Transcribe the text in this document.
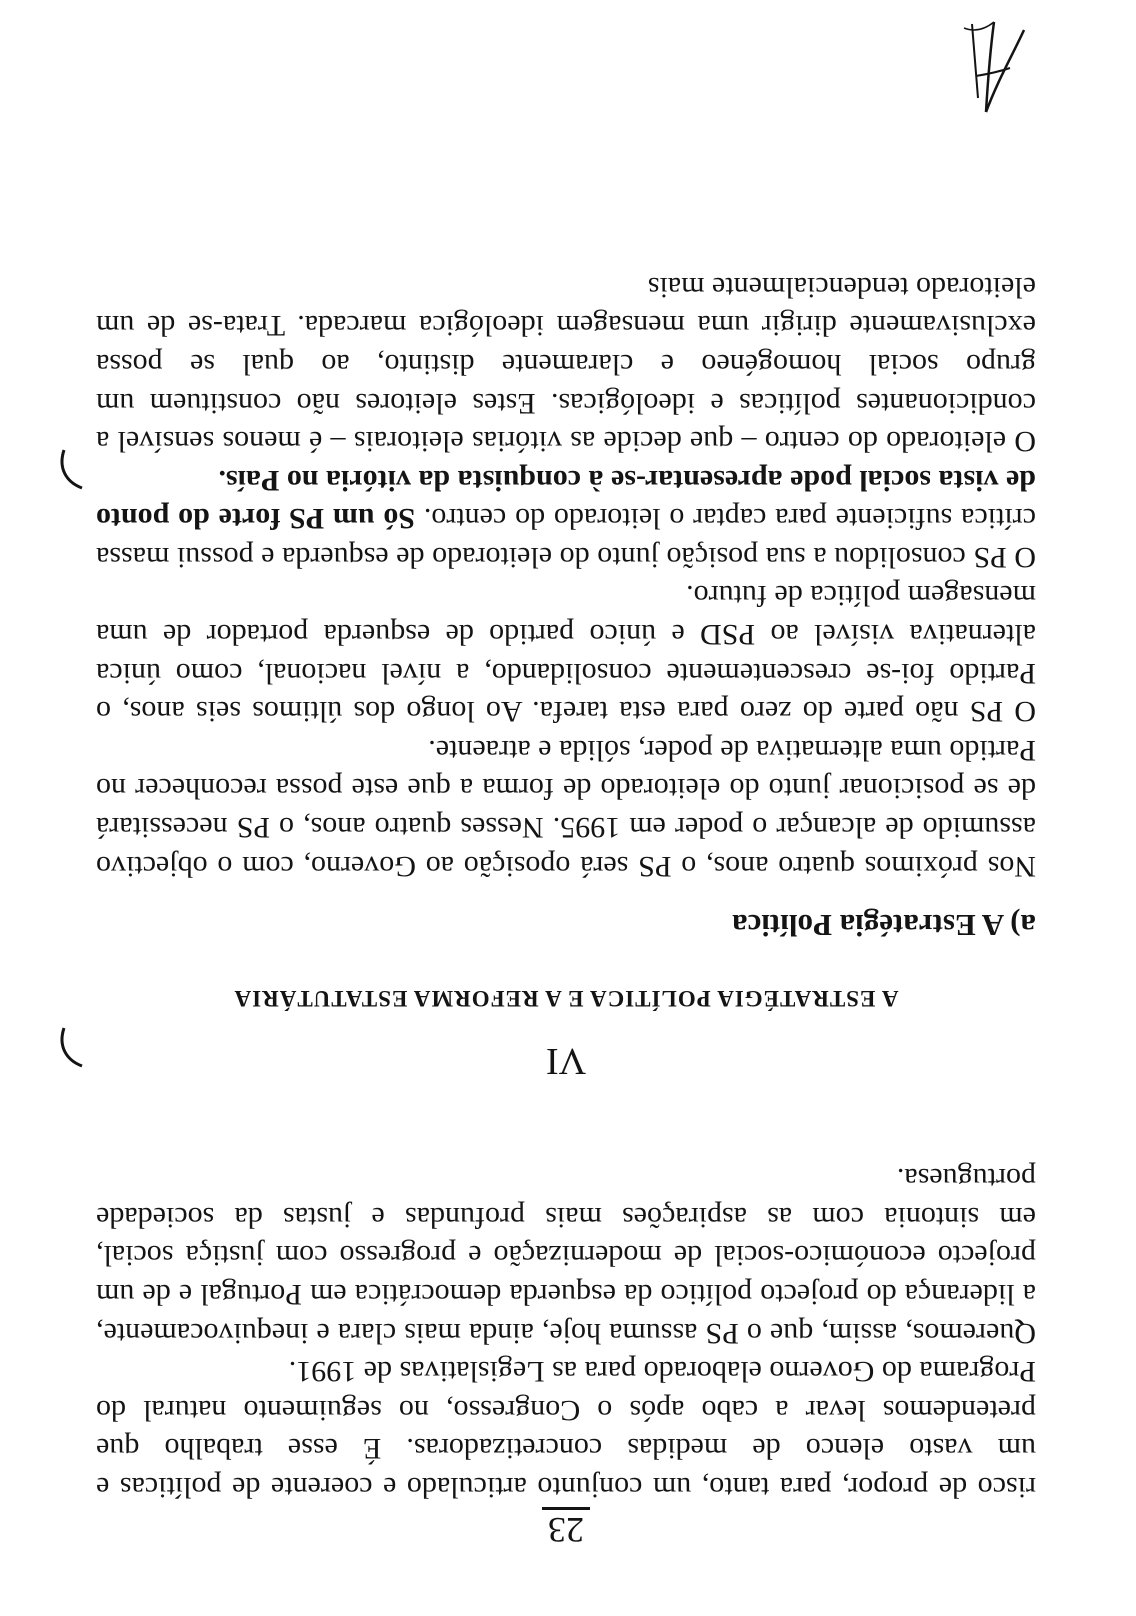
23

risco de propor, para tanto, um conjunto articulado e coerente de políticas e um vasto elenco de medidas concretizadoras. É esse trabalho que pretendemos levar a cabo após o Congresso, no seguimento natural do Programa do Governo elaborado para as Legislativas de 1991.

Queremos, assim, que o PS assuma hoje, ainda mais clara e inequivocamente, a liderança do projecto político da esquerda democrática em Portugal e de um projecto económico-social de modernização e progresso com justiça social, em sintonia com as aspirações mais profundas e justas da sociedade portuguesa.

VI
A ESTRATÉGIA POLÍTICA E A REFORMA ESTATUTÁRIA
a) A Estratégia Política

Nos próximos quatro anos, o PS será oposição ao Governo, com o objectivo assumido de alcançar o poder em 1995. Nesses quatro anos, o PS necessitará de se posicionar junto do eleitorado de forma a que este possa reconhecer no Partido uma alternativa de poder, sólida e atraente.

O PS não parte do zero para esta tarefa. Ao longo dos últimos seis anos, o Partido foi-se crescentemente consolidando, a nível nacional, como única alternativa visível ao PSD e único partido de esquerda portador de uma mensagem política de futuro.

O PS consolidou a sua posição junto do eleitorado de esquerda e possui massa crítica suficiente para captar o leitorado do centro. Só um PS forte do ponto de vista social pode apresentar-se à conquista da vitória no País.

O eleitorado do centro – que decide as vitórias eleitorais – é menos sensível a condicionantes políticas e ideológicas. Estes eleitores não constituem um grupo social homogéneo e claramente distinto, ao qual se possa exclusivamente dirigir uma mensagem ideológica marcada. Trata-se de um eleitorado tendencialmente mais
